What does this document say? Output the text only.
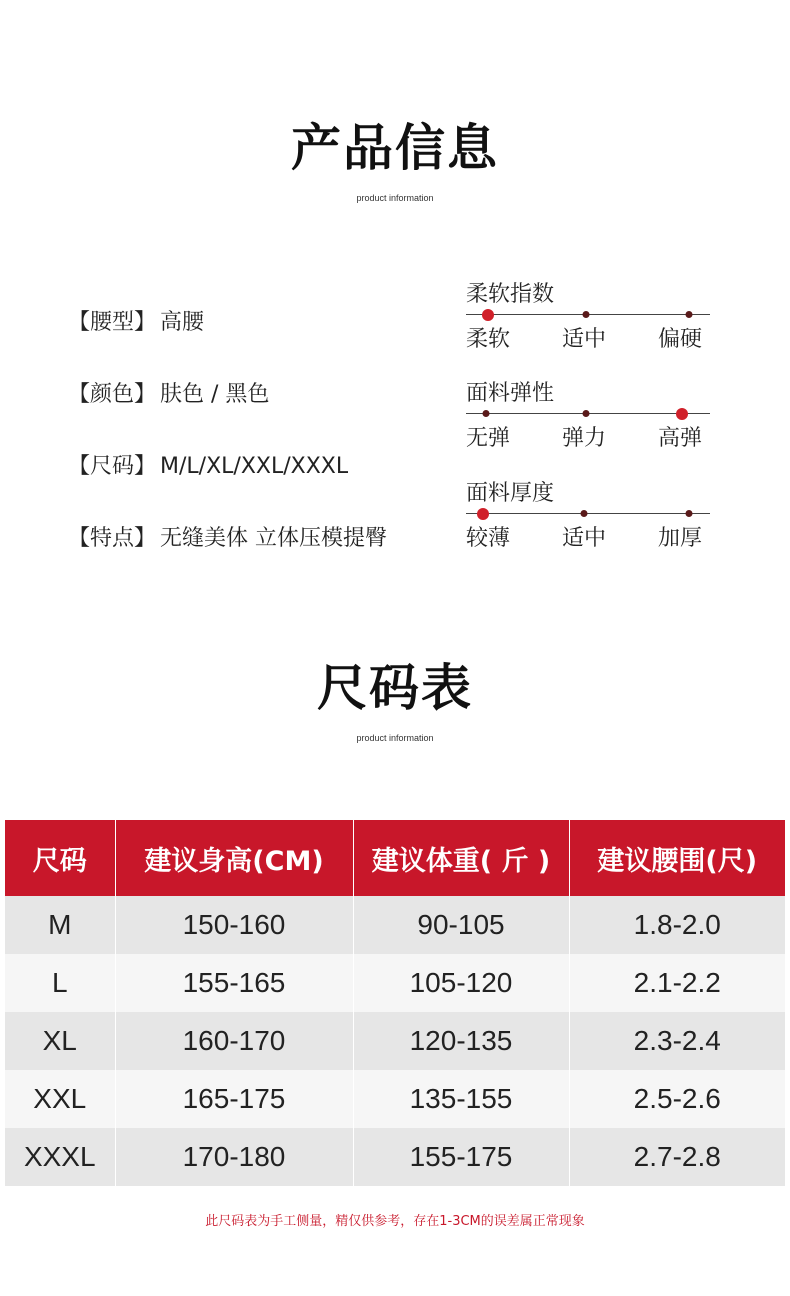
产品信息
product information
【腰型】 高腰
【颜色】 肤色 / 黑色
【尺码】 M/L/XL/XXL/XXXL
【特点】 无缝美体 立体压模提臀
柔软指数
柔软 适中 偏硬
面料弹性
无弹 弹力 高弹
面料厚度
较薄 适中 加厚
尺码表
product information
尺码	建议身高(CM)	建议体重( 斤 )	建议腰围(尺)
M	150-160	90-105	1.8-2.0
L	155-165	105-120	2.1-2.2
XL	160-170	120-135	2.3-2.4
XXL	165-175	135-155	2.5-2.6
XXXL	170-180	155-175	2.7-2.8
此尺码表为手工侧量，精仅供参考，存在1-3CM的误差属正常现象
